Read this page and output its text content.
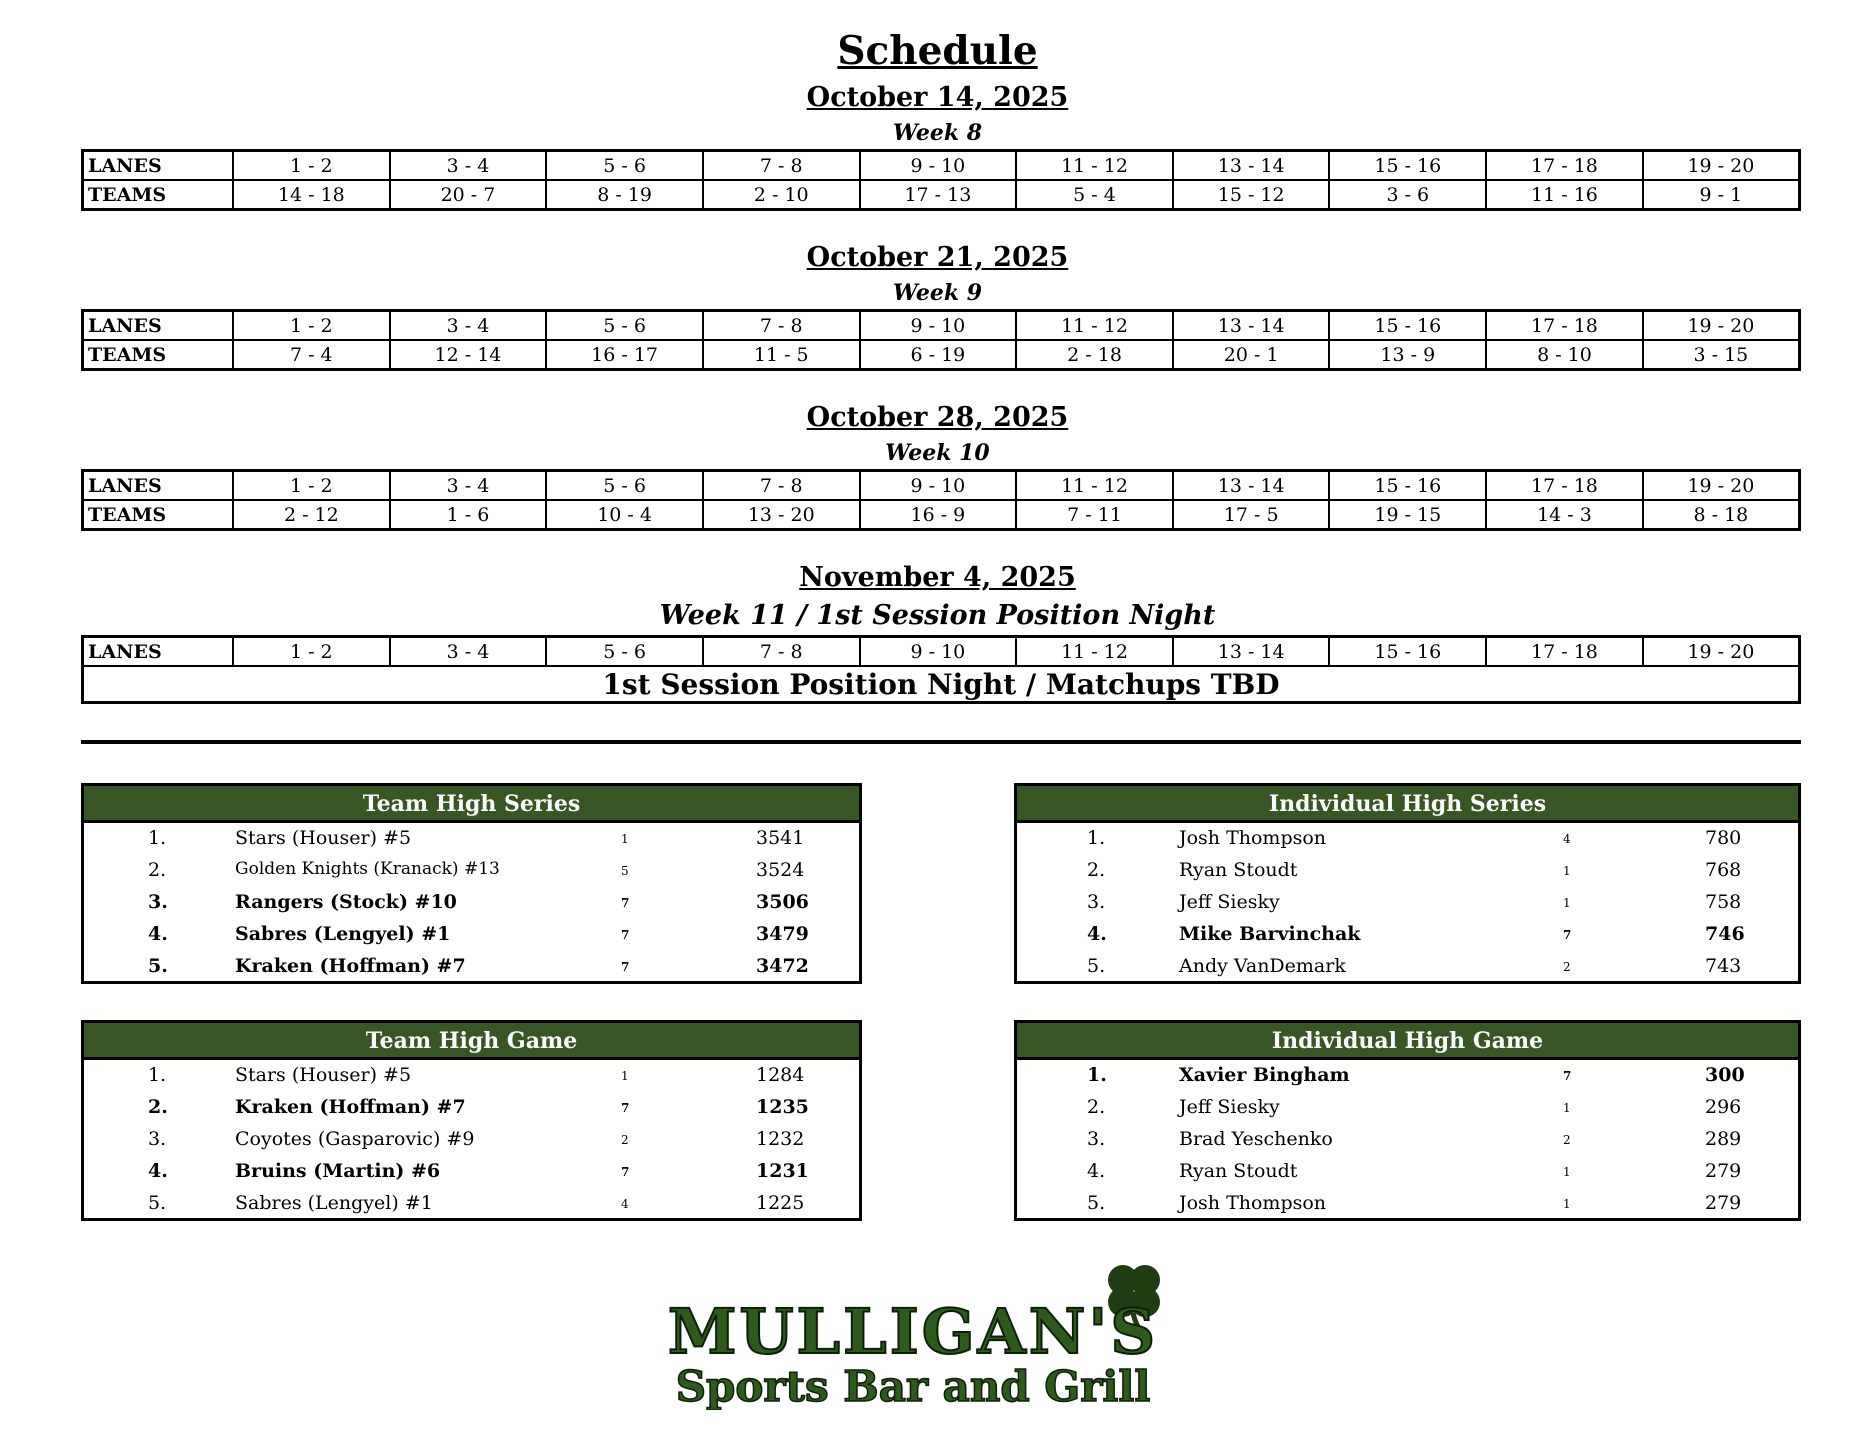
Schedule
October 14, 2025
Week 8
LANES	1 - 2	3 - 4	5 - 6	7 - 8	9 - 10	11 - 12	13 - 14	15 - 16	17 - 18	19 - 20
TEAMS	14 - 18	20 - 7	8 - 19	2 - 10	17 - 13	5 - 4	15 - 12	3 - 6	11 - 16	9 - 1
October 21, 2025
Week 9
LANES	1 - 2	3 - 4	5 - 6	7 - 8	9 - 10	11 - 12	13 - 14	15 - 16	17 - 18	19 - 20
TEAMS	7 - 4	12 - 14	16 - 17	11 - 5	6 - 19	2 - 18	20 - 1	13 - 9	8 - 10	3 - 15
October 28, 2025
Week 10
LANES	1 - 2	3 - 4	5 - 6	7 - 8	9 - 10	11 - 12	13 - 14	15 - 16	17 - 18	19 - 20
TEAMS	2 - 12	1 - 6	10 - 4	13 - 20	16 - 9	7 - 11	17 - 5	19 - 15	14 - 3	8 - 18
November 4, 2025
Week 11 / 1st Session Position Night
LANES	1 - 2	3 - 4	5 - 6	7 - 8	9 - 10	11 - 12	13 - 14	15 - 16	17 - 18	19 - 20
1st Session Position Night / Matchups TBD
Team High Series
1.	Stars (Houser) #5	1	3541
2.	Golden Knights (Kranack) #13	5	3524
3.	Rangers (Stock) #10	7	3506
4.	Sabres (Lengyel) #1	7	3479
5.	Kraken (Hoffman) #7	7	3472
Individual High Series
1.	Josh Thompson	4	780
2.	Ryan Stoudt	1	768
3.	Jeff Siesky	1	758
4.	Mike Barvinchak	7	746
5.	Andy VanDemark	2	743
Team High Game
1.	Stars (Houser) #5	1	1284
2.	Kraken (Hoffman) #7	7	1235
3.	Coyotes (Gasparovic) #9	2	1232
4.	Bruins (Martin) #6	7	1231
5.	Sabres (Lengyel) #1	4	1225
Individual High Game
1.	Xavier Bingham	7	300
2.	Jeff Siesky	1	296
3.	Brad Yeschenko	2	289
4.	Ryan Stoudt	1	279
5.	Josh Thompson	1	279
MULLIGAN'S
Sports Bar and Grill
